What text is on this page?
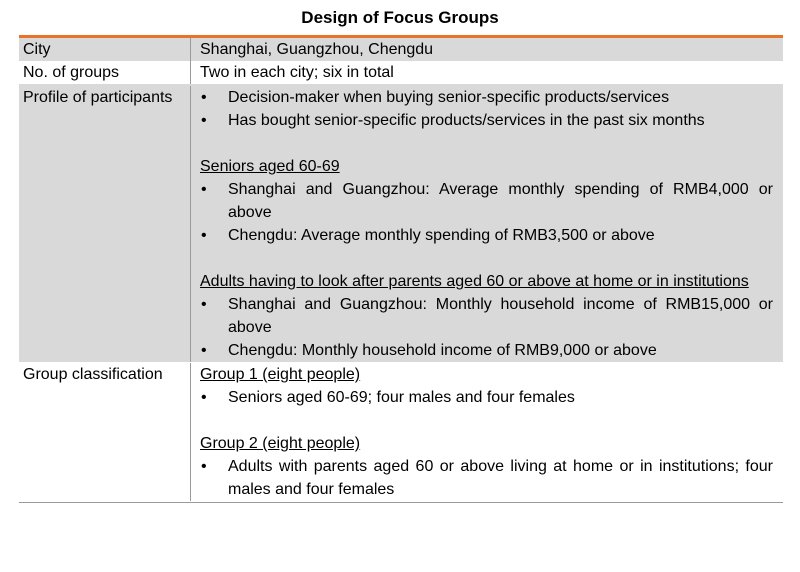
Design of Focus Groups
City	Shanghai, Guangzhou, Chengdu
No. of groups	Two in each city; six in total
Profile of participants
•	Decision-maker when buying senior-specific products/services
• Has bought senior-specific products/services in the past six months
Seniors aged 60-69
• Shanghai and Guangzhou: Average monthly spending of RMB4,000 or above
• Chengdu: Average monthly spending of RMB3,500 or above
Adults having to look after parents aged 60 or above at home or in institutions
• Shanghai and Guangzhou: Monthly household income of RMB15,000 or above
• Chengdu: Monthly household income of RMB9,000 or above
Group classification	Group 1 (eight people)
• Seniors aged 60-69; four males and four females
Group 2 (eight people)
• Adults with parents aged 60 or above living at home or in institutions; four males and four females
